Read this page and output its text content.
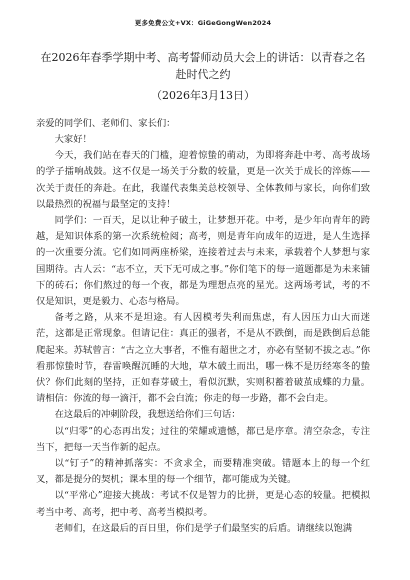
更多免费公文+VX：GiGeGongWen2024
在2026年春季学期中考、高考誓师动员大会上的讲话：以青春之名赴时代之约
（2026年3月13日）
亲爱的同学们、老师们、家长们：

大家好！

今天，我们站在春天的门槛，迎着惊蛰的萌动，为即将奔赴中考、高考战场的学子擂响战鼓。这不仅是一场关于分数的较量，更是一次关于成长的淬炼——次关于责任的奔赴。在此，我谨代表集美总校领导、全体教师与家长，向你们致以最热烈的祝福与最坚定的支持！

同学们：一百天，足以让种子破土，让梦想开花。中考，是少年向青年的跨越，是知识体系的第一次系统检阅；高考，则是青年向成年的迈进，是人生选择的一次重要分流。它们如同两座桥梁，连接着过去与未来，承载着个人梦想与家国期待。古人云：“志不立，天下无可成之事。”你们笔下的每一道题都是为未来铺下的砖石；你们熬过的每一个夜，都是为理想点亮的星光。这两场考试，考的不仅是知识，更是毅力、心态与格局。

备考之路，从来不是坦途。有人因模考失利而焦虑，有人因压力山大而迷茫，这都是正常现象。但请记住：真正的强者，不是从不跌倒，而是跌倒后总能爬起来。苏轼曾言：“古之立大事者，不惟有超世之才，亦必有坚韧不拔之志。”你看那惊蛰时节，春雷唤醒沉睡的大地，草木破土而出，哪一株不是历经寒冬的蛰伏？你们此刻的坚持，正如春芽破土，看似沉默，实则积蓄着破茧成蝶的力量。请相信：你流的每一滴汗，都不会白流；你走的每一步路，都不会白走。

在这最后的冲刺阶段，我想送给你们三句话：

以“归零”的心态再出发；过往的荣耀或遗憾，都已是序章。清空杂念，专注当下，把每一天当作新的起点。

以“钉子”的精神抓落实：不贪求全，而要精准突破。错题本上的每一个红叉，都是提分的契机；课本里的每一个细节，都可能成为关键。

以“平常心”迎接大挑战：考试不仅是智力的比拼，更是心态的较量。把模拟考当中考、高考，把中考、高考当模拟考。

老师们，在这最后的百日里，你们是学子们最坚实的后盾。请继续以饱满
